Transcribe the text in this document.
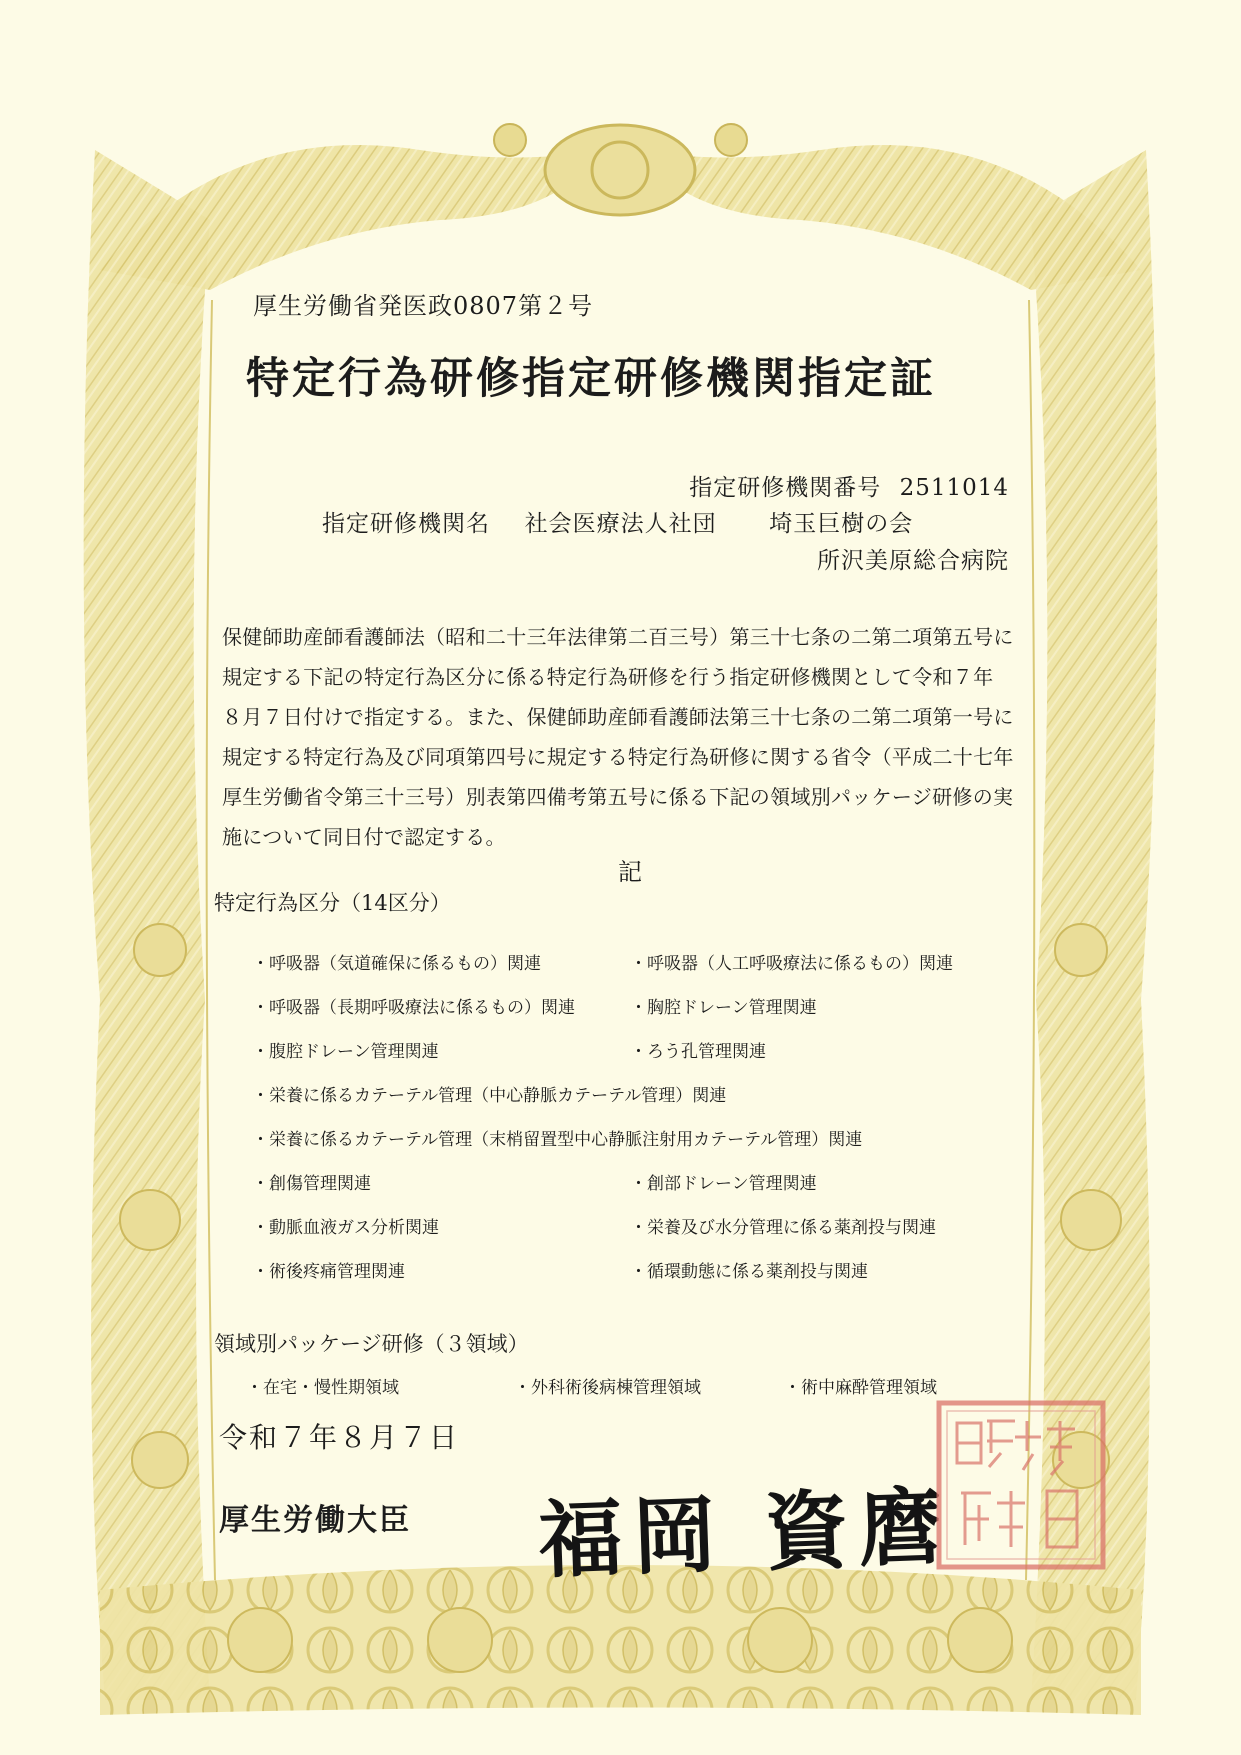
厚生労働省発医政0807第２号
特定行為研修指定研修機関指定証
指定研修機関番号 2511014
指定研修機関名 社会医療法人社団 埼玉巨樹の会
所沢美原総合病院
保健師助産師看護師法（昭和二十三年法律第二百三号）第三十七条の二第二項第五号に
規定する下記の特定行為区分に係る特定行為研修を行う指定研修機関として令和７年
８月７日付けで指定する。また、保健師助産師看護師法第三十七条の二第二項第一号に
規定する特定行為及び同項第四号に規定する特定行為研修に関する省令（平成二十七年
厚生労働省令第三十三号）別表第四備考第五号に係る下記の領域別パッケージ研修の実
施について同日付で認定する。
記
特定行為区分（14区分）
・呼吸器（気道確保に係るもの）関連	・呼吸器（人工呼吸療法に係るもの）関連
・呼吸器（長期呼吸療法に係るもの）関連	・胸腔ドレーン管理関連
・腹腔ドレーン管理関連	・ろう孔管理関連
・栄養に係るカテーテル管理（中心静脈カテーテル管理）関連
・栄養に係るカテーテル管理（末梢留置型中心静脈注射用カテーテル管理）関連
・創傷管理関連	・創部ドレーン管理関連
・動脈血液ガス分析関連	・栄養及び水分管理に係る薬剤投与関連
・術後疼痛管理関連	・循環動態に係る薬剤投与関連
領域別パッケージ研修（３領域）
・在宅・慢性期領域	・外科術後病棟管理領域	・術中麻酔管理領域
令和７年８月７日
厚生労働大臣 福岡 資麿
